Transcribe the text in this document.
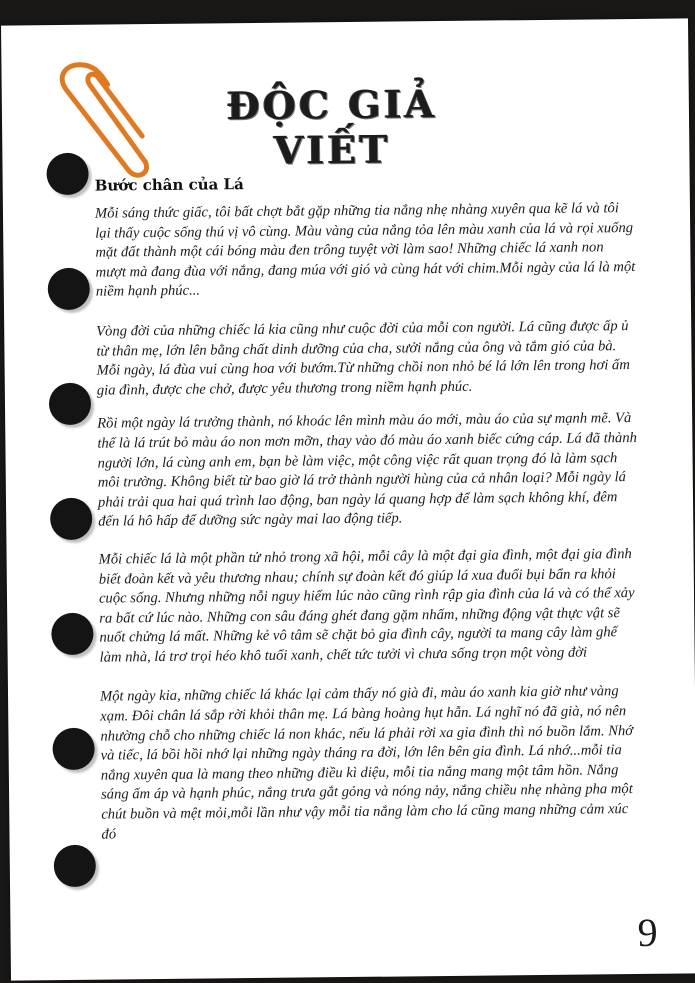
ĐỘC GIẢ VIẾT
Bước chân của Lá

Mỗi sáng thức giấc, tôi bất chợt bắt gặp những tia nắng nhẹ nhàng xuyên qua kẽ lá và tôi lại thấy cuộc sống thú vị vô cùng. Màu vàng của nắng tỏa lên màu xanh của lá và rọi xuống mặt đất thành một cái bóng màu đen trông tuyệt vời làm sao! Những chiếc lá xanh non mượt mà đang đùa với nắng, đang múa với gió và cùng hát với chim.Mỗi ngày của lá là một niềm hạnh phúc...

Vòng đời của những chiếc lá kia cũng như cuộc đời của mỗi con người. Lá cũng được ấp ủ từ thân mẹ, lớn lên bằng chất dinh dưỡng của cha, sưởi nắng của ông và tắm gió của bà. Mỗi ngày, lá đùa vui cùng hoa với bướm.Từ những chồi non nhỏ bé lá lớn lên trong hơi ấm gia đình, được che chở, được yêu thương trong niềm hạnh phúc.

Rồi một ngày lá trưởng thành, nó khoác lên mình màu áo mới, màu áo của sự mạnh mẽ. Và thế là lá trút bỏ màu áo non mơn mỡn, thay vào đó màu áo xanh biếc cứng cáp. Lá đã thành người lớn, lá cùng anh em, bạn bè làm việc, một công việc rất quan trọng đó là làm sạch môi trường. Không biết từ bao giờ lá trở thành người hùng của cả nhân loại? Mỗi ngày lá phải trải qua hai quá trình lao động, ban ngày lá quang hợp để làm sạch không khí, đêm đến lá hô hấp để dưỡng sức ngày mai lao động tiếp.

Mỗi chiếc lá là một phần tử nhỏ trong xã hội, mỗi cây là một đại gia đình, một đại gia đình biết đoàn kết và yêu thương nhau; chính sự đoàn kết đó giúp lá xua đuổi bụi bẩn ra khỏi cuộc sống. Nhưng những nỗi nguy hiểm lúc nào cũng rình rập gia đình của lá và có thể xảy ra bất cứ lúc nào. Những con sâu đáng ghét đang gặm nhấm, những động vật thực vật sẽ nuốt chửng lá mất. Những kẻ vô tâm sẽ chặt bỏ gia đình cây, người ta mang cây làm ghế làm nhà, lá trơ trọi héo khô tuổi xanh, chết tức tưởi vì chưa sống trọn một vòng đời

Một ngày kia, những chiếc lá khác lại cảm thấy nó già đi, màu áo xanh kia giờ như vàng xạm. Đôi chân lá sắp rời khỏi thân mẹ. Lá bàng hoàng hụt hẫn. Lá nghĩ nó đã già, nó nên nhường chỗ cho những chiếc lá non khác, nếu lá phải rời xa gia đình thì nó buồn lắm. Nhớ và tiếc, lá bồi hồi nhớ lại những ngày tháng ra đời, lớn lên bên gia đình. Lá nhớ...mỗi tia nắng xuyên qua là mang theo những điều kì diệu, mỗi tia nắng mang một tâm hồn. Nắng sáng ấm áp và hạnh phúc, nắng trưa gắt gỏng và nóng nảy, nắng chiều nhẹ nhàng pha một chút buồn và mệt mỏi,mỗi lần như vậy mỗi tia nắng làm cho lá cũng mang những cảm xúc đó

9
